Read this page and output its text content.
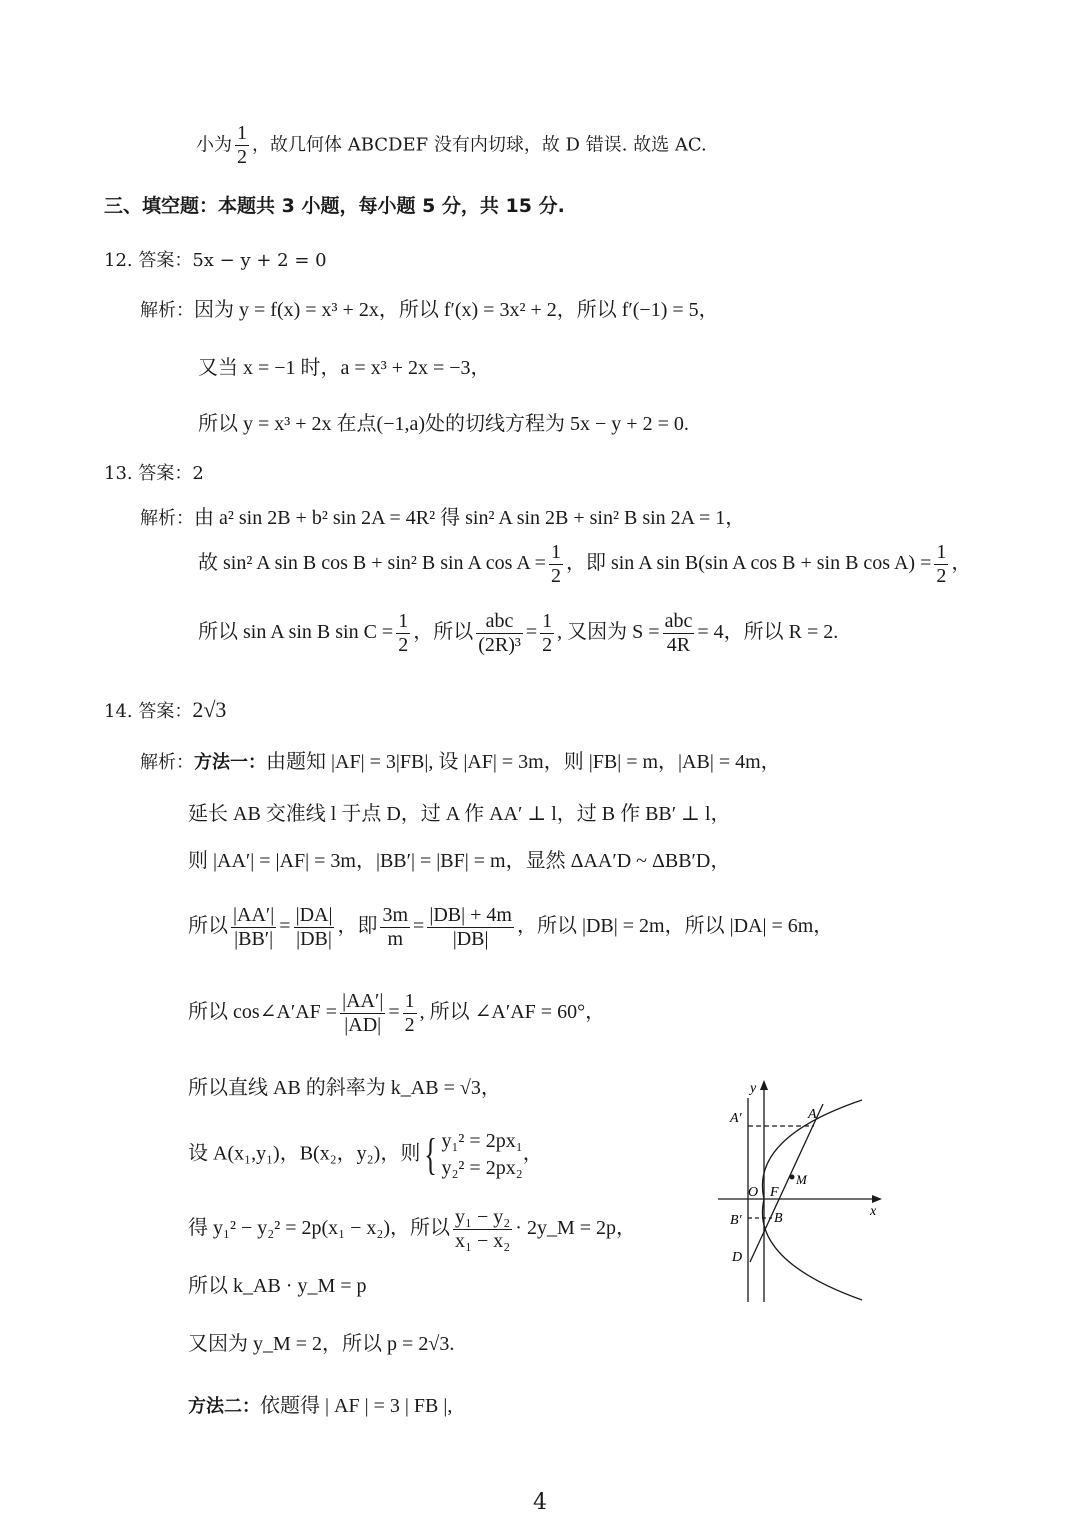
小为 $\frac{1}{2}$ ，故几何体 ABCDEF 没有内切球，故 D 错误. 故选 AC.
三、填空题：本题共 3 小题，每小题 5 分，共 15 分.
12. 答案：5x − y + 2 = 0
解析：因为 y = f(x) = x³ + 2x，所以 f′(x) = 3x² + 2，所以 f′(−1) = 5，
又当 x = −1 时，a = x³ + 2x = −3，
所以 y = x³ + 2x 在点(−1,a)处的切线方程为 5x − y + 2 = 0.
13. 答案：2
解析：由 a² sin 2B + b² sin 2A = 4R² 得 sin² A sin 2B + sin² B sin 2A = 1，
故 sin² A sin B cos B + sin² B sin A $\cos A = \frac{1}{2}$ ，即 sin A sin B(sin A cos B + sin B $\cos A) = \frac{1}{2}$ ，
所以 sin A sin B $\sin C = \frac{1}{2}$ ，所以 $\frac{\text{abc}}{\text{(2R)³}} = \frac{1}{2}$ , 又因为 $S = \frac{\text{abc}}{4R} = 4$，所以 R = 2.
14. 答案：2√3
解析：方法一：由题知 |AF| = 3|FB|, 设 |AF| = 3m，则 |FB| = m，|AB| = 4m，
延长 AB 交准线 l 于点 D，过 A 作 AA′ ⊥ l，过 B 作 BB′ ⊥ l，
则 |AA′| = |AF| = 3m，|BB′| = |BF| = m，显然 ΔAA′D ~ ΔBB′D，
所以 $\frac{|AA'|}{|BB'|} = \frac{|DA|}{|DB|}$ ，即 $\frac{3m}{m} = \frac{|DB| + 4m}{|DB|}$ ，所以 |DB| = 2m，所以 |DA| = 6m，
所以 cos∠A′AF = $\frac{|AA'|}{|AD|} = \frac{1}{2}$ , 所以 ∠A′AF = 60°，
所以直线 AB 的斜率为 k_AB = √3，
设 A(x₁,y₁)，B(x₂，y₂)，则{ y₁² = 2px₁
y₂² = 2px₂
，
得 y₁² − y₂² = 2p(x₁ − x₂)，所以 $\frac{\text{y₁ − y₂}}{\text{x₁ − x₂}}$ · 2y_M = 2p，
所以 k_AB · y_M = p
又因为 y_M = 2，所以 p = 2√3.
方法二：依题得 | AF | = 3 | FB |,
x
y
A′	A
M
O F
B′ B
D
4
